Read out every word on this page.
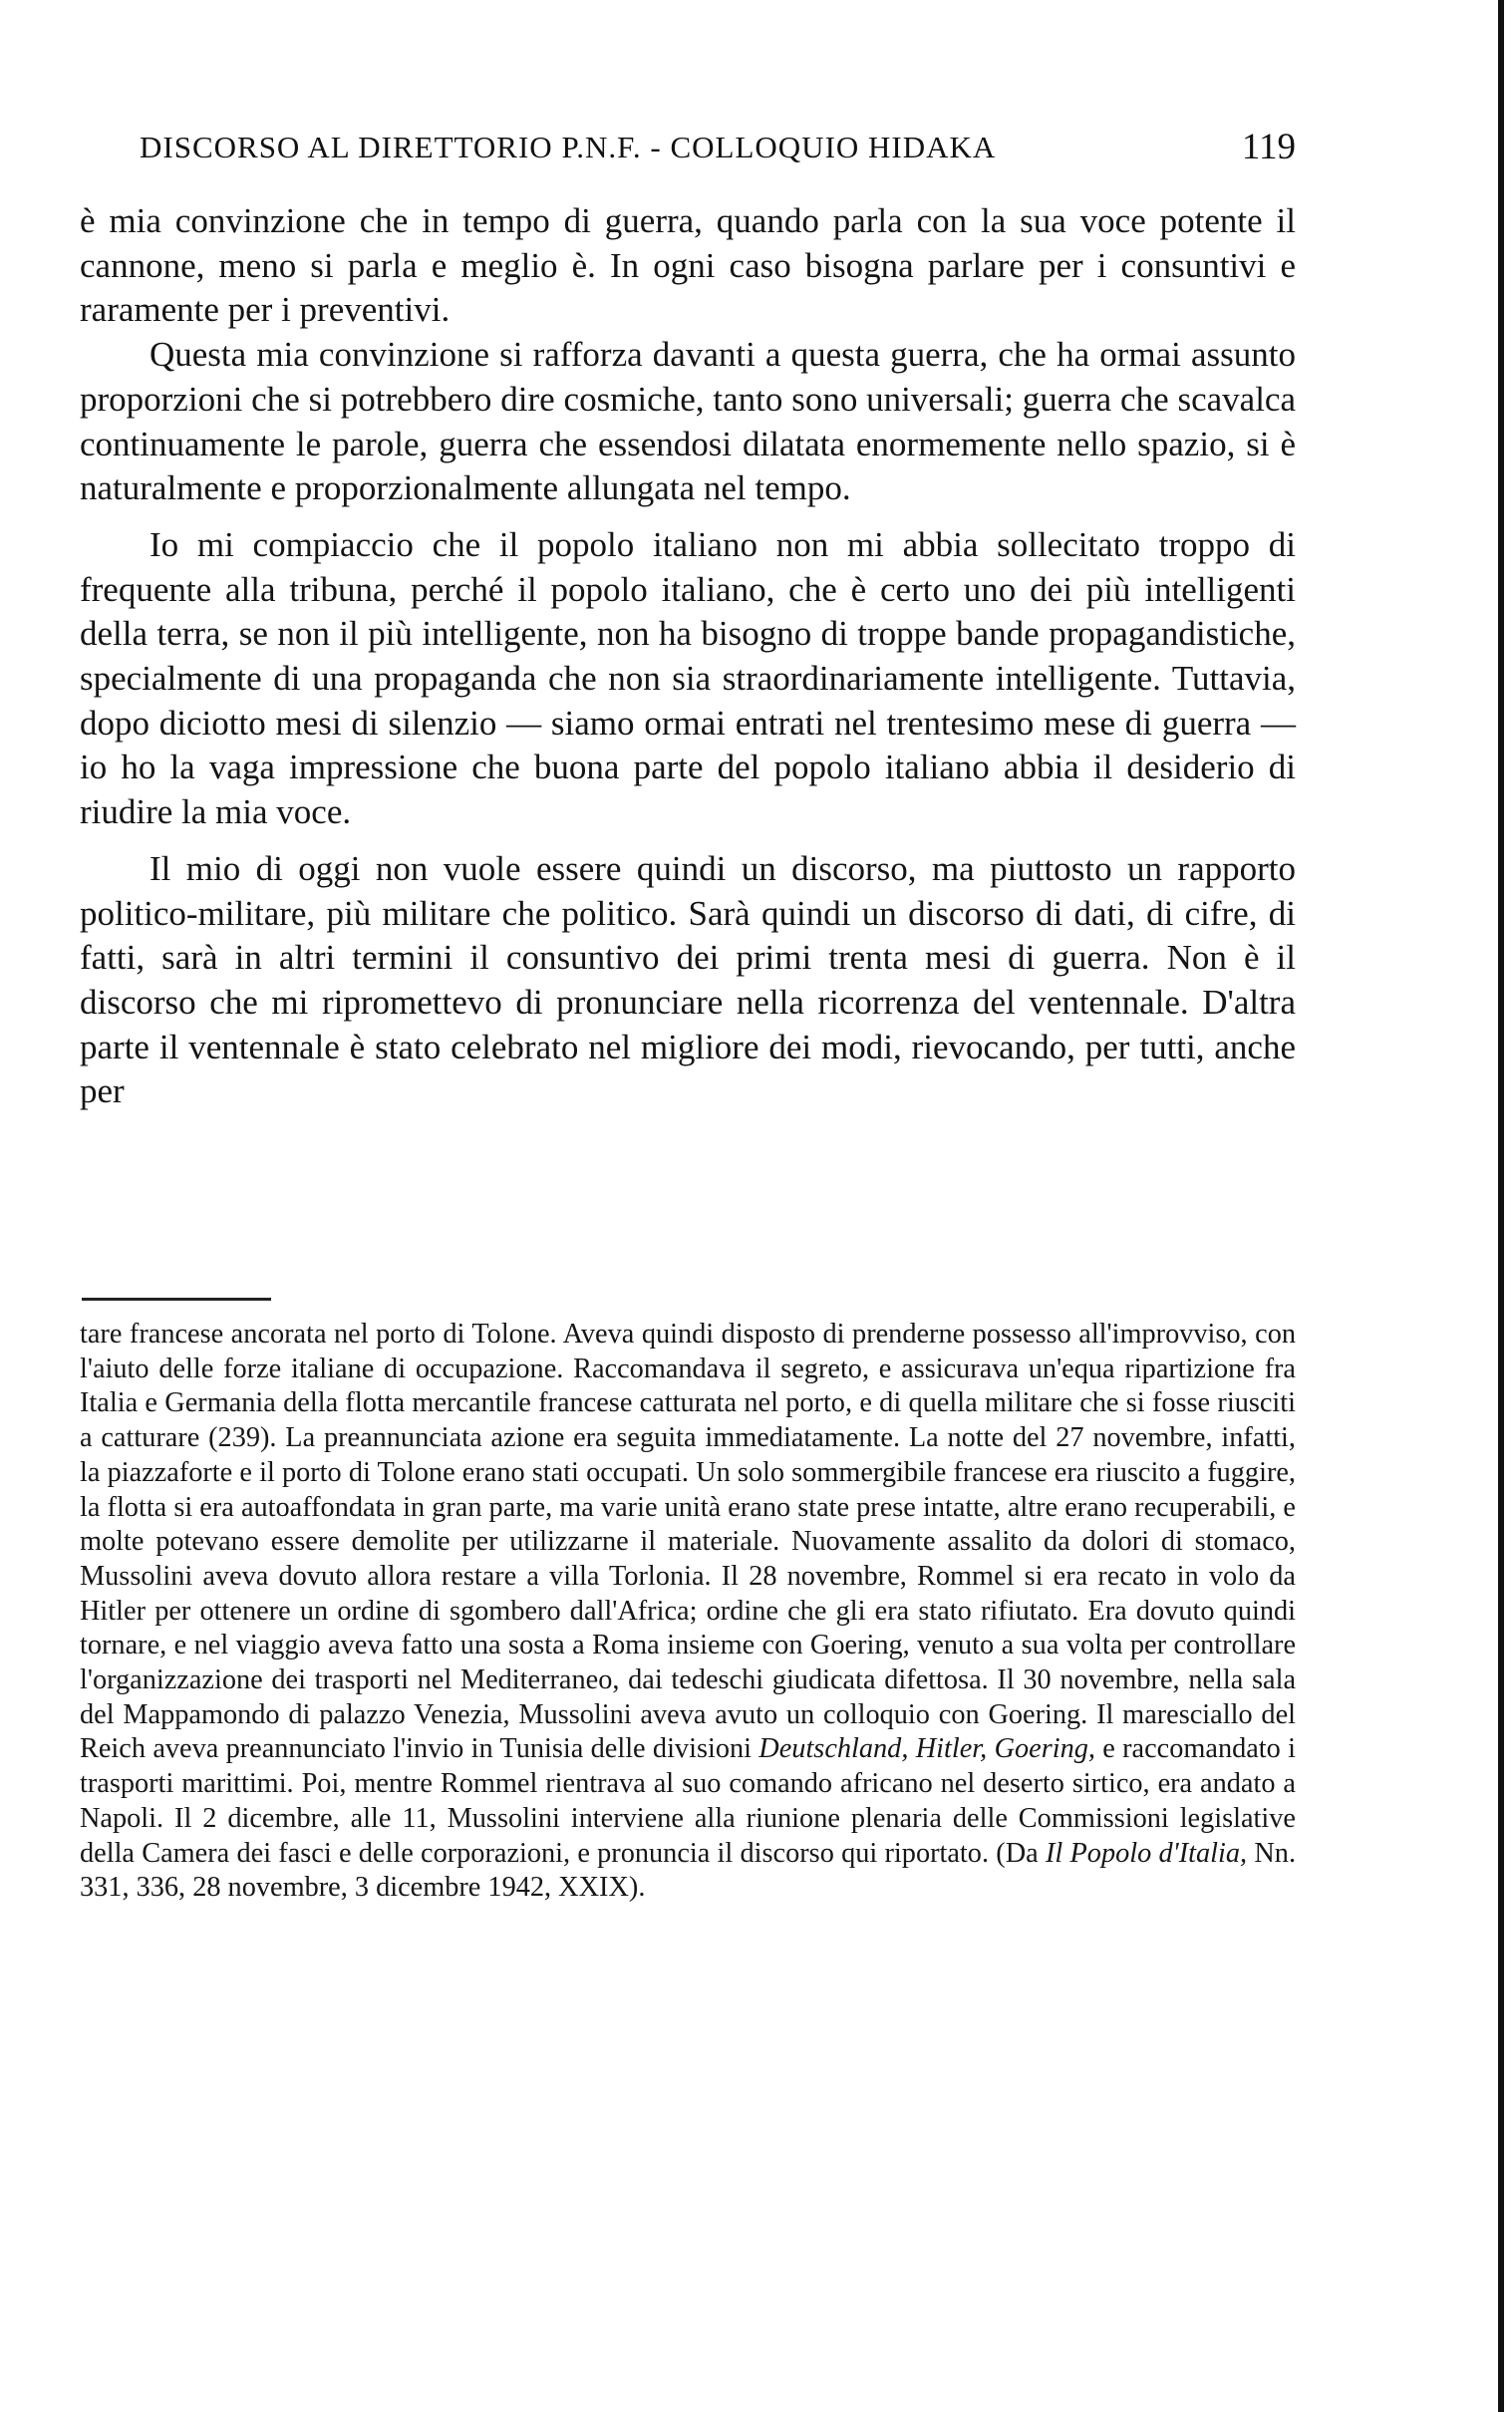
DISCORSO AL DIRETTORIO P.N.F. - COLLOQUIO HIDAKA	119

è mia convinzione che in tempo di guerra, quando parla con la sua voce potente il cannone, meno si parla e meglio è. In ogni caso bisogna parlare per i consuntivi e raramente per i preventivi.

Questa mia convinzione si rafforza davanti a questa guerra, che ha ormai assunto proporzioni che si potrebbero dire cosmiche, tanto sono universali; guerra che scavalca continuamente le parole, guerra che essendosi dilatata enormemente nello spazio, si è naturalmente e proporzionalmente allungata nel tempo.

Io mi compiaccio che il popolo italiano non mi abbia sollecitato troppo di frequente alla tribuna, perché il popolo italiano, che è certo uno dei più intelligenti della terra, se non il più intelligente, non ha bisogno di troppe bande propagandistiche, specialmente di una propaganda che non sia straordinariamente intelligente. Tuttavia, dopo diciotto mesi di silenzio — siamo ormai entrati nel trentesimo mese di guerra — io ho la vaga impressione che buona parte del popolo italiano abbia il desiderio di riudire la mia voce.

Il mio di oggi non vuole essere quindi un discorso, ma piuttosto un rapporto politico-militare, più militare che politico. Sarà quindi un discorso di dati, di cifre, di fatti, sarà in altri termini il consuntivo dei primi trenta mesi di guerra. Non è il discorso che mi ripromettevo di pronunciare nella ricorrenza del ventennale. D'altra parte il ventennale è stato celebrato nel migliore dei modi, rievocando, per tutti, anche per

tare francese ancorata nel porto di Tolone. Aveva quindi disposto di prenderne possesso all'improvviso, con l'aiuto delle forze italiane di occupazione. Raccomandava il segreto, e assicurava un'equa ripartizione fra Italia e Germania della flotta mercantile francese catturata nel porto, e di quella militare che si fosse riusciti a catturare (239). La preannunciata azione era seguita immediatamente. La notte del 27 novembre, infatti, la piazzaforte e il porto di Tolone erano stati occupati. Un solo sommergibile francese era riuscito a fuggire, la flotta si era autoaffondata in gran parte, ma varie unità erano state prese intatte, altre erano recuperabili, e molte potevano essere demolite per utilizzarne il materiale. Nuovamente assalito da dolori di stomaco, Mussolini aveva dovuto allora restare a villa Torlonia. Il 28 novembre, Rommel si era recato in volo da Hitler per ottenere un ordine di sgombero dall'Africa; ordine che gli era stato rifiutato. Era dovuto quindi tornare, e nel viaggio aveva fatto una sosta a Roma insieme con Goering, venuto a sua volta per controllare l'organizzazione dei trasporti nel Mediterraneo, dai tedeschi giudicata difettosa. Il 30 novembre, nella sala del Mappamondo di palazzo Venezia, Mussolini aveva avuto un colloquio con Goering. Il maresciallo del Reich aveva preannunciato l'invio in Tunisia delle divisioni Deutschland, Hitler, Goering, e raccomandato i trasporti marittimi. Poi, mentre Rommel rientrava al suo comando africano nel deserto sirtico, era andato a Napoli. Il 2 dicembre, alle 11, Mussolini interviene alla riunione plenaria delle Commissioni legislative della Camera dei fasci e delle corporazioni, e pronuncia il discorso qui riportato. (Da Il Popolo d'Italia, Nn. 331, 336, 28 novembre, 3 dicembre 1942, XXIX).
